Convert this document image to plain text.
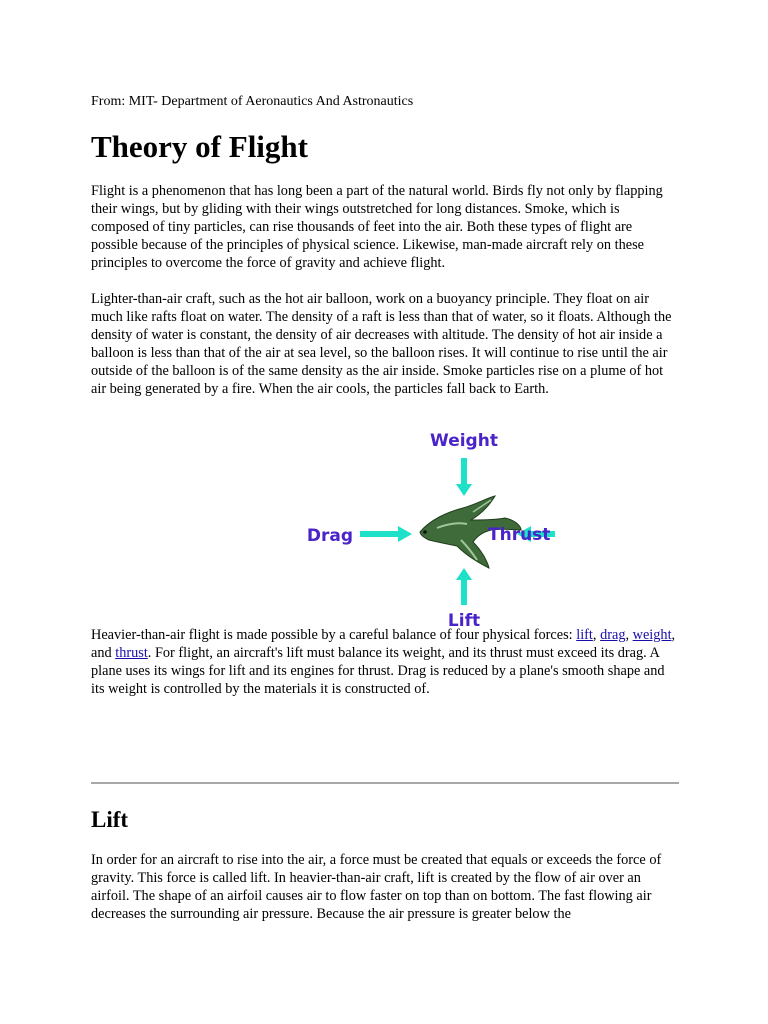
From: MIT- Department of Aeronautics And Astronautics
Theory of Flight

Flight is a phenomenon that has long been a part of the natural world. Birds fly not only by flapping their wings, but by gliding with their wings outstretched for long distances. Smoke, which is composed of tiny particles, can rise thousands of feet into the air. Both these types of flight are possible because of the principles of physical science. Likewise, man-made aircraft rely on these principles to overcome the force of gravity and achieve flight.

Lighter-than-air craft, such as the hot air balloon, work on a buoyancy principle. They float on air much like rafts float on water. The density of a raft is less than that of water, so it floats. Although the density of water is constant, the density of air decreases with altitude. The density of hot air inside a balloon is less than that of the air at sea level, so the balloon rises. It will continue to rise until the air outside of the balloon is of the same density as the air inside. Smoke particles rise on a plume of hot air being generated by a fire. When the air cools, the particles fall back to Earth.

Weight
Drag
Lift

Heavier-than-air flight is made possible by a careful balance of four physical forces: lift, drag, weight, and thrust. For flight, an aircraft's lift must balance its weight, and its thrust must exceed its drag. A plane uses its wings for lift and its engines for thrust. Drag is reduced by a plane's smooth shape and its weight is controlled by the materials it is constructed of.

Lift

In order for an aircraft to rise into the air, a force must be created that equals or exceeds the force of gravity. This force is called lift. In heavier-than-air craft, lift is created by the flow of air over an airfoil. The shape of an airfoil causes air to flow faster on top than on bottom. The fast flowing air decreases the surrounding air pressure. Because the air pressure is greater below the

Thrust
